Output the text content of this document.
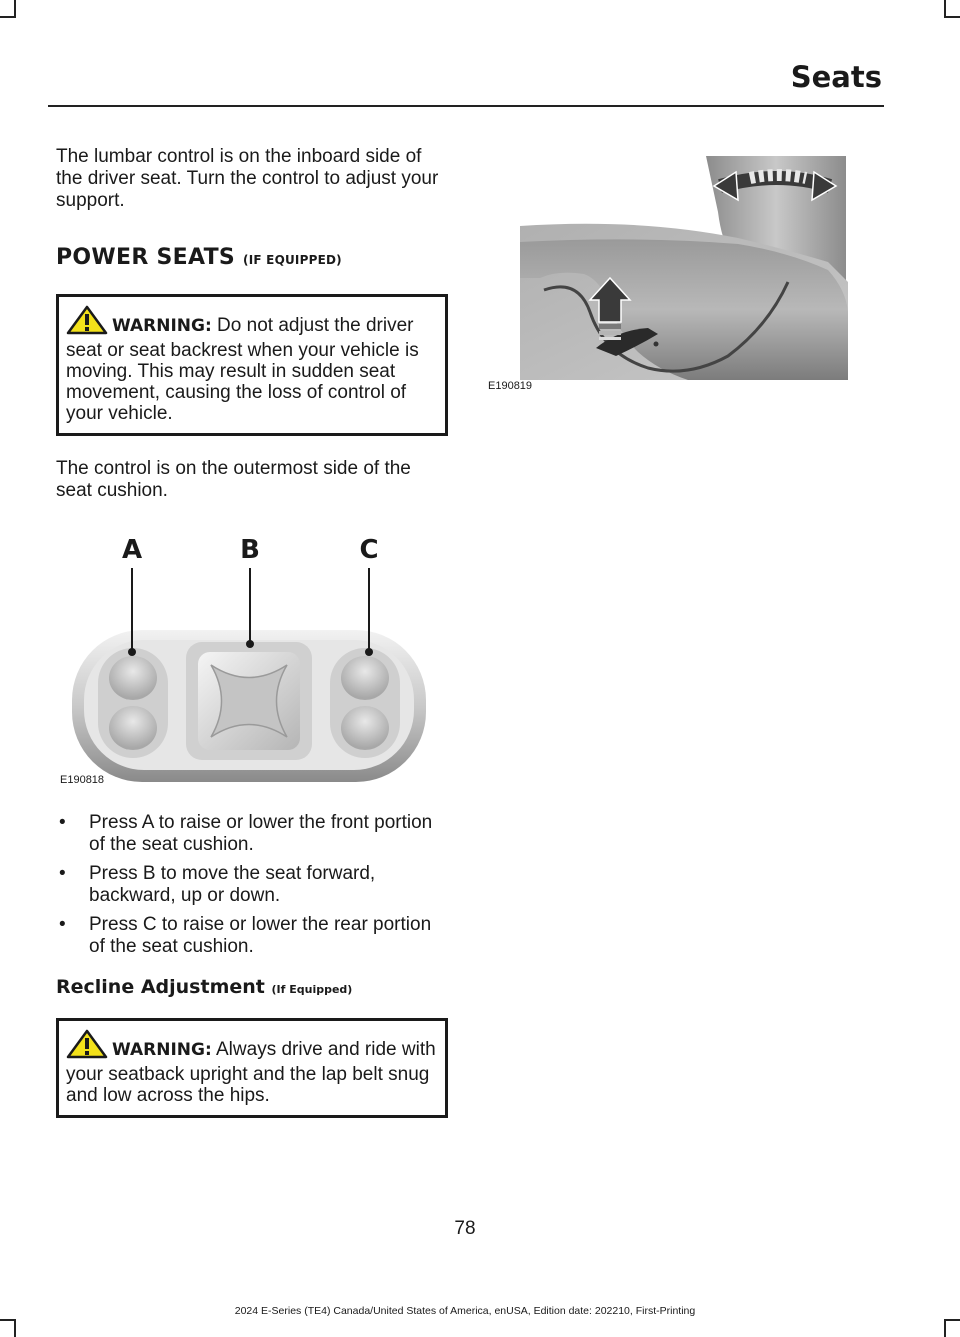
Seats

The lumbar control is on the inboard side of the driver seat. Turn the control to adjust your support.

POWER SEATS (IF EQUIPPED)
WARNING: Do not adjust the driver seat or seat backrest when your vehicle is moving. This may result in sudden seat movement, causing the loss of control of your vehicle.

The control is on the outermost side of the seat cushion.

A	B	C
E190818
• Press A to raise or lower the front portion of the seat cushion.
• Press B to move the seat forward, backward, up or down.
• Press C to raise or lower the rear portion of the seat cushion.
Recline Adjustment (If Equipped)
WARNING: Always drive and ride with your seatback upright and the lap belt snug and low across the hips.
E190819
78
2024 E-Series (TE4) Canada/United States of America, enUSA, Edition date: 202210, First-Printing
